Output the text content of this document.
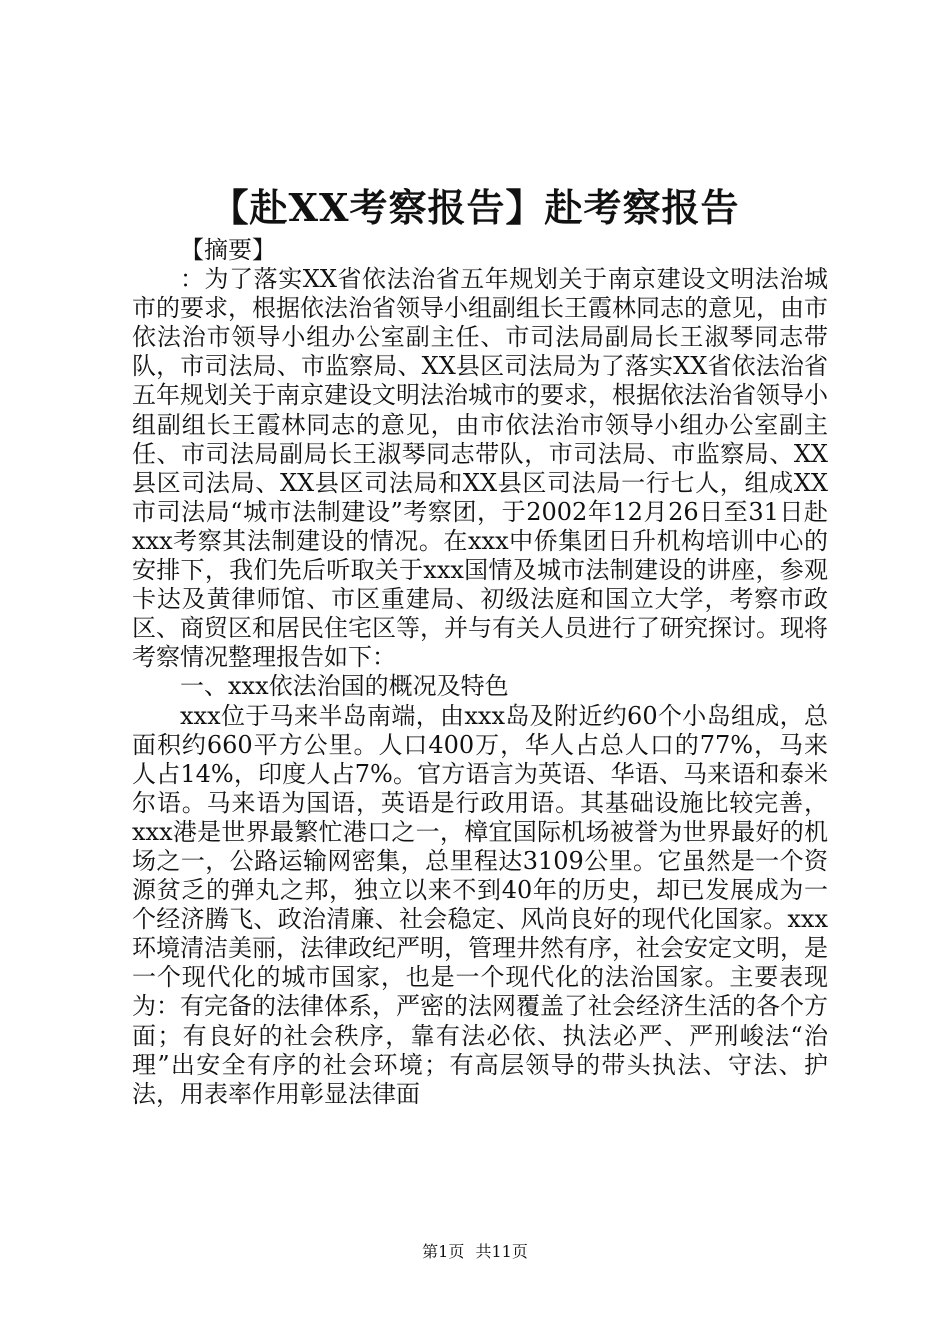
【赴XX考察报告】赴考察报告

【摘要】

：为了落实XX省依法治省五年规划关于南京建设文明法治城市的要求，根据依法治省领导小组副组长王霞林同志的意见，由市依法治市领导小组办公室副主任、市司法局副局长王淑琴同志带队，市司法局、市监察局、XX县区司法局为了落实XX省依法治省五年规划关于南京建设文明法治城市的要求，根据依法治省领导小组副组长王霞林同志的意见，由市依法治市领导小组办公室副主任、市司法局副局长王淑琴同志带队，市司法局、市监察局、XX县区司法局、XX县区司法局和XX县区司法局一行七人，组成XX市司法局“城市法制建设”考察团，于2002年12月26日至31日赴xxx考察其法制建设的情况。在xxx中侨集团日升机构培训中心的安排下，我们先后听取关于xxx国情及城市法制建设的讲座，参观卡达及黄律师馆、市区重建局、初级法庭和国立大学，考察市政区、商贸区和居民住宅区等，并与有关人员进行了研究探讨。现将考察情况整理报告如下：

一、xxx依法治国的概况及特色

xxx位于马来半岛南端，由xxx岛及附近约60个小岛组成，总面积约660平方公里。人口400万，华人占总人口的77%，马来人占14%，印度人占7%。官方语言为英语、华语、马来语和泰米尔语。马来语为国语，英语是行政用语。其基础设施比较完善，xxx港是世界最繁忙港口之一，樟宜国际机场被誉为世界最好的机场之一，公路运输网密集，总里程达3109公里。它虽然是一个资源贫乏的弹丸之邦，独立以来不到40年的历史，却已发展成为一个经济腾飞、政治清廉、社会稳定、风尚良好的现代化国家。xxx环境清洁美丽，法律政纪严明，管理井然有序，社会安定文明，是一个现代化的城市国家，也是一个现代化的法治国家。主要表现为：有完备的法律体系，严密的法网覆盖了社会经济生活的各个方面；有良好的社会秩序，靠有法必依、执法必严、严刑峻法“治理”出安全有序的社会环境；有高层领导的带头执法、守法、护法，用表率作用彰显法律面

第1页 共11页
